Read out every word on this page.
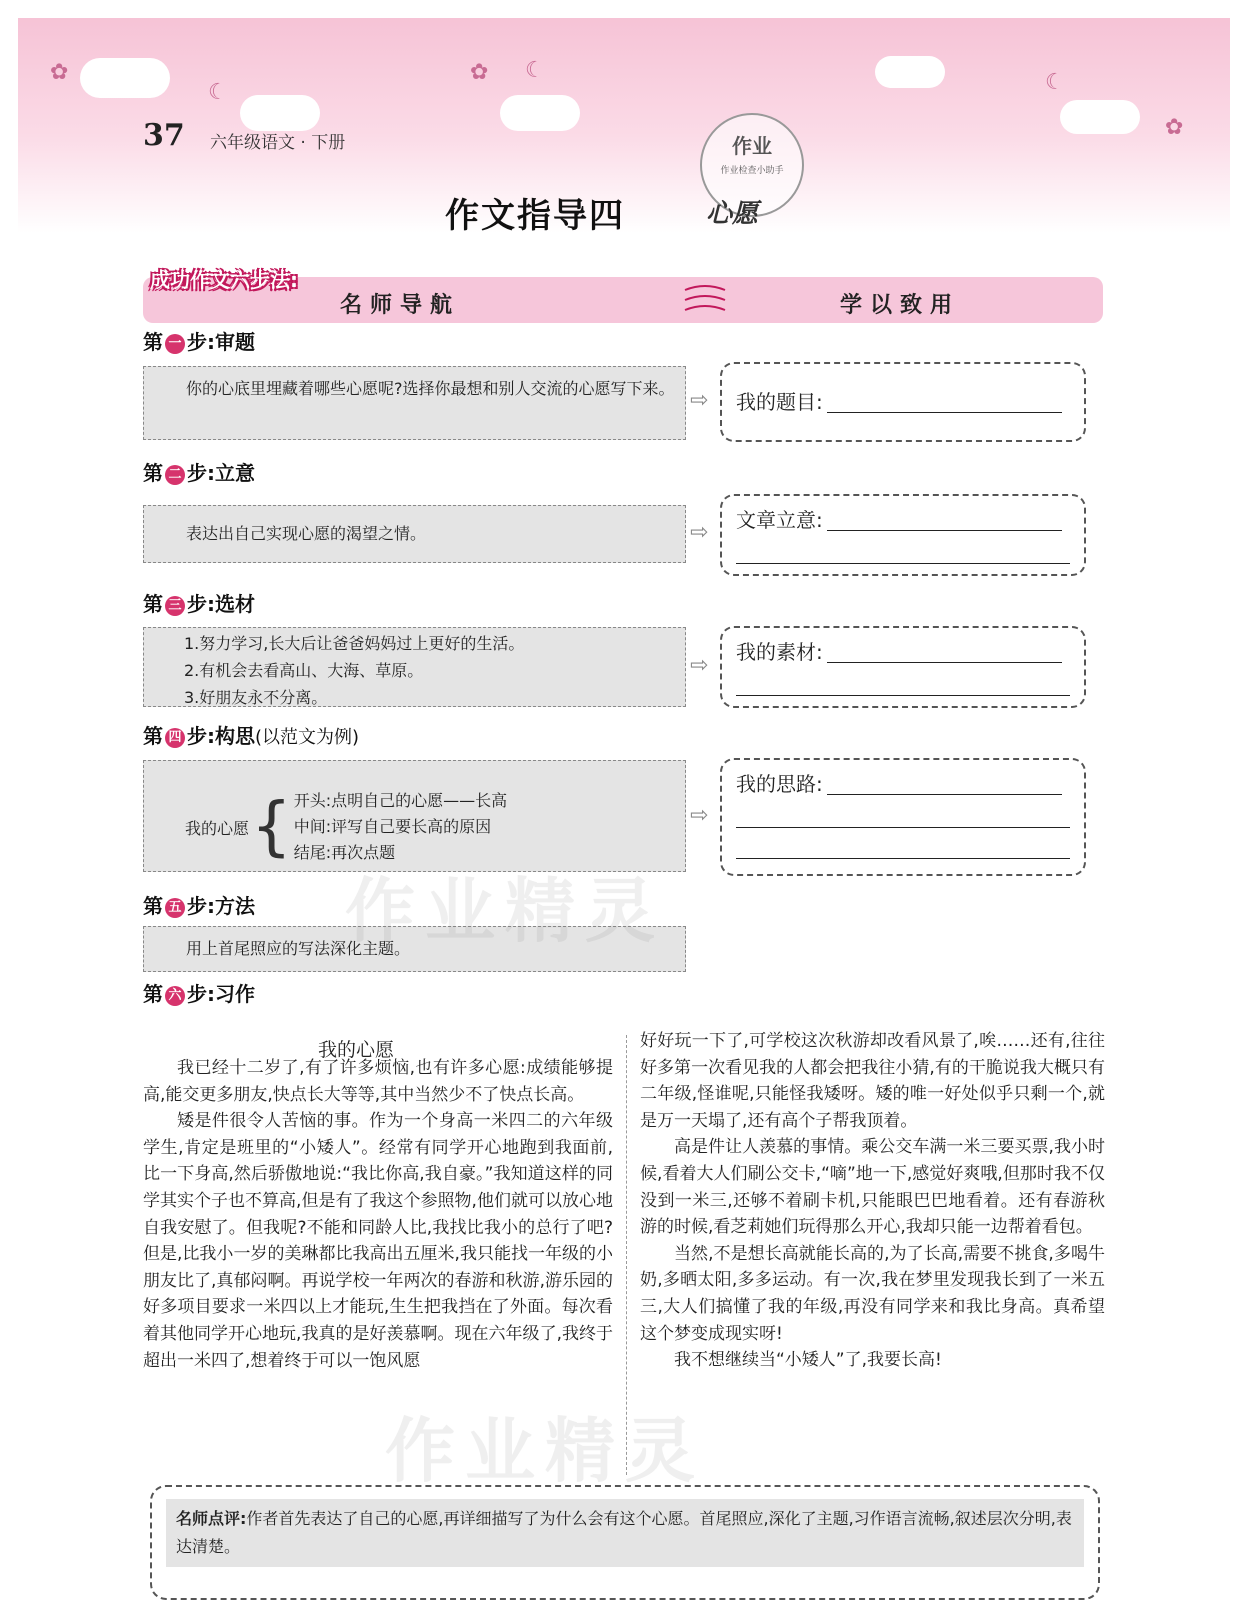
☾
☾	☾
✿	✿
✿
37 六年级语文 · 下册
作文指导四
作业
作业检查小助手
心愿
成功作文六步法:
名师导航	学以致用
第 一 步:审题
你的心底里埋藏着哪些心愿呢?选择你最想和别人交流的心愿写下来。 ⇨ 我的题目:
第 二 步:立意
表达出自己实现心愿的渴望之情。	⇨ 文章立意:
第 三 步:选材
1.努力学习,长大后让爸爸妈妈过上更好的生活。
2.有机会去看高山、大海、草原。
3.好朋友永不分离。
⇨
我的素材:
第 四 步:构思(以范文为例)
我的心愿 { 开头:点明自己的心愿——长高
中间:评写自己要长高的原因
结尾:再次点题
⇨
我的思路:
第 五 步:方法
用上首尾照应的写法深化主题。
第 六 步:习作
我的心愿

我已经十二岁了,有了许多烦恼,也有许多心愿:成绩能够提高,能交更多朋友,快点长大等等,其中当然少不了快点长高。

矮是件很令人苦恼的事。作为一个身高一米四二的六年级学生,肯定是班里的“小矮人”。经常有同学开心地跑到我面前,比一下身高,然后骄傲地说:“我比你高,我自豪。”我知道这样的同学其实个子也不算高,但是有了我这个参照物,他们就可以放心地自我安慰了。但我呢?不能和同龄人比,我找比我小的总行了吧?但是,比我小一岁的美琳都比我高出五厘米,我只能找一年级的小朋友比了,真郁闷啊。再说学校一年两次的春游和秋游,游乐园的好多项目要求一米四以上才能玩,生生把我挡在了外面。每次看着其他同学开心地玩,我真的是好羡慕啊。现在六年级了,我终于超出一米四了,想着终于可以一饱风愿

好好玩一下了,可学校这次秋游却改看风景了,唉……还有,往往好多第一次看见我的人都会把我往小猜,有的干脆说我大概只有二年级,怪谁呢,只能怪我矮呀。矮的唯一好处似乎只剩一个,就是万一天塌了,还有高个子帮我顶着。

高是件让人羡慕的事情。乘公交车满一米三要买票,我小时候,看着大人们刷公交卡,“嘀”地一下,感觉好爽哦,但那时我不仅没到一米三,还够不着刷卡机,只能眼巴巴地看着。还有春游秋游的时候,看芝莉她们玩得那么开心,我却只能一边帮着看包。

当然,不是想长高就能长高的,为了长高,需要不挑食,多喝牛奶,多晒太阳,多多运动。有一次,我在梦里发现我长到了一米五三,大人们搞懂了我的年级,再没有同学来和我比身高。真希望这个梦变成现实呀!

我不想继续当“小矮人”了,我要长高!

名师点评:作者首先表达了自己的心愿,再详细描写了为什么会有这个心愿。首尾照应,深化了主题,习作语言流畅,叙述层次分明,表达清楚。
作业精灵
作业精灵
